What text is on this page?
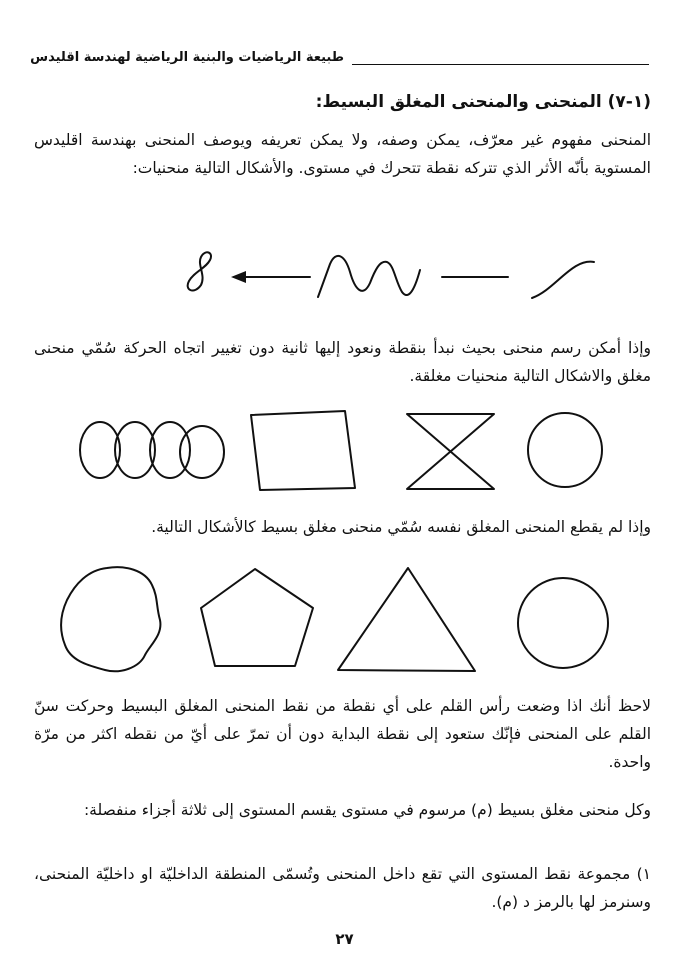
طبيعة الرياضيات والبنية الرياضية لهندسة اقليدس
(١-٧) المنحنى والمنحنى المغلق البسيط:

المنحنى مفهوم غير معرّف، يمكن وصفه، ولا يمكن تعريفه ويوصف المنحنى بهندسة اقليدس المستوية بأنّه الأثر الذي تتركه نقطة تتحرك في مستوى. والأشكال التالية منحنيات:

وإذا أمكن رسم منحنى بحيث نبدأ بنقطة ونعود إليها ثانية دون تغيير اتجاه الحركة سُمّي منحنى مغلق والاشكال التالية منحنيات مغلقة.

وإذا لم يقطع المنحنى المغلق نفسه سُمّي منحنى مغلق بسيط كالأشكال التالية.

لاحظ أنك اذا وضعت رأس القلم على أي نقطة من نقط المنحنى المغلق البسيط وحركت سنّ القلم على المنحنى فإنّك ستعود إلى نقطة البداية دون أن تمرّ على أيّ من نقطه اكثر من مرّة واحدة.

وكل منحنى مغلق بسيط (م) مرسوم في مستوى يقسم المستوى إلى ثلاثة أجزاء منفصلة:

١) مجموعة نقط المستوى التي تقع داخل المنحنى وتُسمّى المنطقة الداخليّة او داخليّة المنحنى، وسنرمز لها بالرمز د (م).

٢٧
